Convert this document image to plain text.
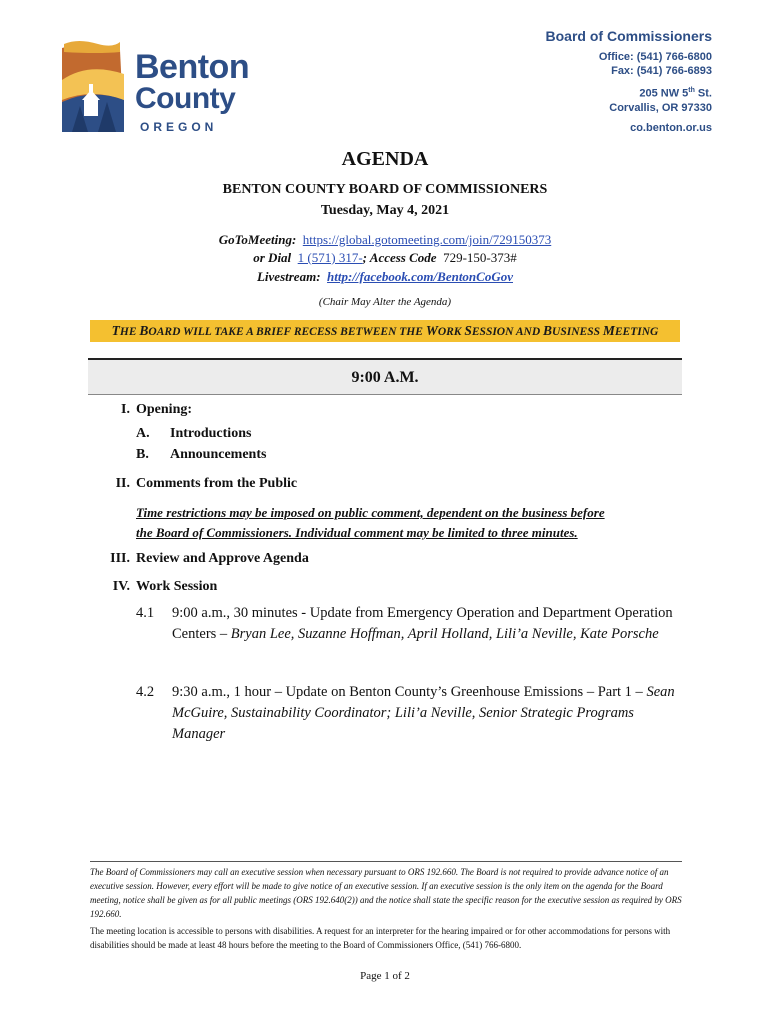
Benton
County
OREGON
Board of Commissioners
Office: (541) 766-6800
Fax: (541) 766-6893
205 NW 5th St.
Corvallis, OR 97330
co.benton.or.us
AGENDA
BENTON COUNTY BOARD OF COMMISSIONERS
Tuesday, May 4, 2021
GoToMeeting: https://global.gotomeeting.com/join/729150373
or Dial 1 (571) 317-; Access Code 729-150-373#
Livestream: http://facebook.com/BentonCoGov
(Chair May Alter the Agenda)
THE BOARD WILL TAKE A BRIEF RECESS BETWEEN THE WORK SESSION AND BUSINESS MEETING
9:00 A.M.
I. Opening:
A. Introductions
B. Announcements
II. Comments from the Public
Time restrictions may be imposed on public comment, dependent on the business before
the Board of Commissioners. Individual comment may be limited to three minutes.
III. Review and Approve Agenda
IV. Work Session
4.1 9:00 a.m., 30 minutes - Update from Emergency Operation and Department Operation Centers – Bryan Lee, Suzanne Hoffman, April Holland, Lili’a Neville, Kate Porsche
4.2 9:30 a.m., 1 hour – Update on Benton County’s Greenhouse Emissions – Part 1 – Sean McGuire, Sustainability Coordinator; Lili’a Neville, Senior Strategic Programs Manager
The Board of Commissioners may call an executive session when necessary pursuant to ORS 192.660. The Board is not required to provide advance notice of an executive session. However, every effort will be made to give notice of an executive session. If an executive session is the only item on the agenda for the Board meeting, notice shall be given as for all public meetings (ORS 192.640(2)) and the notice shall state the specific reason for the executive session as required by ORS 192.660.
The meeting location is accessible to persons with disabilities. A request for an interpreter for the hearing impaired or for other accommodations for persons with disabilities should be made at least 48 hours before the meeting to the Board of Commissioners Office, (541) 766-6800.
Page 1 of 2
